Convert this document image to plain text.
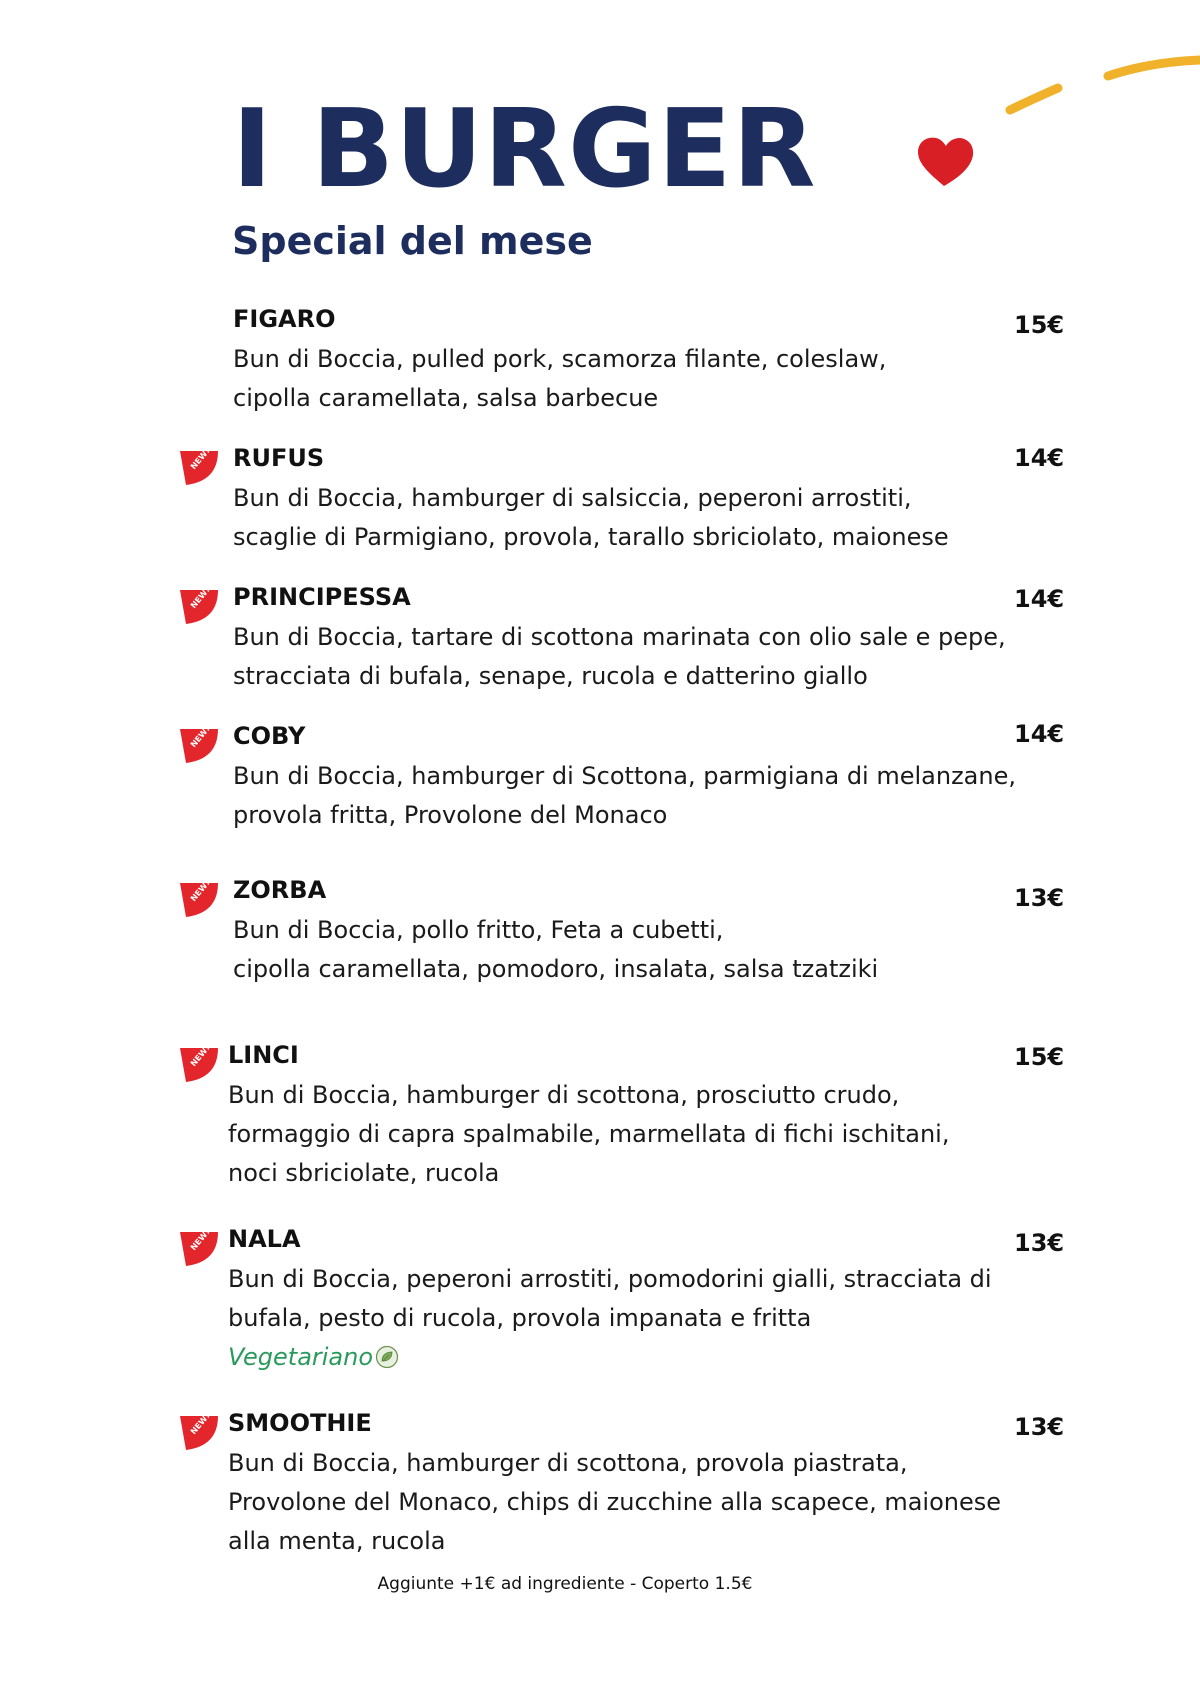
I BURGER
Special del mese
FIGARO
Bun di Boccia, pulled pork, scamorza filante, coleslaw,
cipolla caramellata, salsa barbecue
15€
NEW! RUFUS
Bun di Boccia, hamburger di salsiccia, peperoni arrostiti,
scaglie di Parmigiano, provola, tarallo sbriciolato, maionese
14€
NEW! PRINCIPESSA
Bun di Boccia, tartare di scottona marinata con olio sale e pepe,
stracciata di bufala, senape, rucola e datterino giallo
14€
NEW! COBY
Bun di Boccia, hamburger di Scottona, parmigiana di melanzane,
provola fritta, Provolone del Monaco
14€
NEW! ZORBA
Bun di Boccia, pollo fritto, Feta a cubetti,
cipolla caramellata, pomodoro, insalata, salsa tzatziki
13€
NEW! LINCI
Bun di Boccia, hamburger di scottona, prosciutto crudo,
formaggio di capra spalmabile, marmellata di fichi ischitani,
noci sbriciolate, rucola
15€
NEW! NALA
Bun di Boccia, peperoni arrostiti, pomodorini gialli, stracciata di
bufala, pesto di rucola, provola impanata e fritta
Vegetariano
13€
NEW! SMOOTHIE
Bun di Boccia, hamburger di scottona, provola piastrata,
Provolone del Monaco, chips di zucchine alla scapece, maionese
alla menta, rucola
13€
Aggiunte +1€ ad ingrediente - Coperto 1.5€
